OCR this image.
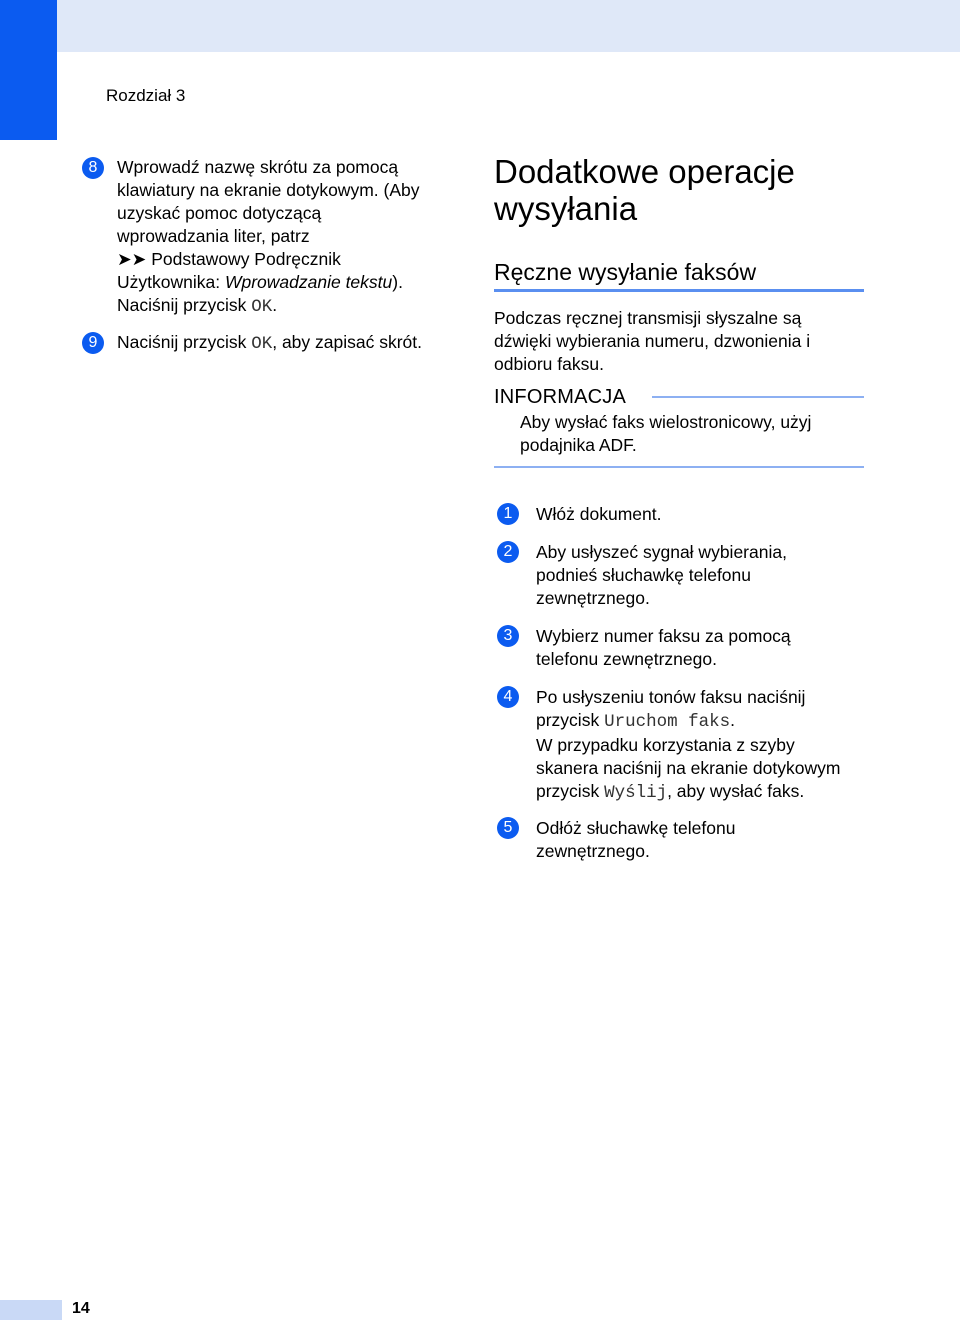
Rozdział 3
8	Wprowadź nazwę skrótu za pomocą
klawiatury na ekranie dotykowym. (Aby
uzyskać pomoc dotyczącą
wprowadzania liter, patrz
➤➤ Podstawowy Podręcznik
Użytkownika: Wprowadzanie tekstu).
Naciśnij przycisk OK.
9	Naciśnij przycisk OK, aby zapisać skrót.
Dodatkowe operacje
wysyłania
Ręczne wysyłanie faksów
Podczas ręcznej transmisji słyszalne są
dźwięki wybierania numeru, dzwonienia i
odbioru faksu.
INFORMACJA
Aby wysłać faks wielostronicowy, użyj
podajnika ADF.
1	Włóż dokument.
2	Aby usłyszeć sygnał wybierania,
podnieś słuchawkę telefonu
zewnętrznego.
3	Wybierz numer faksu za pomocą
telefonu zewnętrznego.
4	Po usłyszeniu tonów faksu naciśnij
przycisk Uruchom faks.
W przypadku korzystania z szyby
skanera naciśnij na ekranie dotykowym
przycisk Wyślij, aby wysłać faks.
5	Odłóż słuchawkę telefonu
zewnętrznego.
14
